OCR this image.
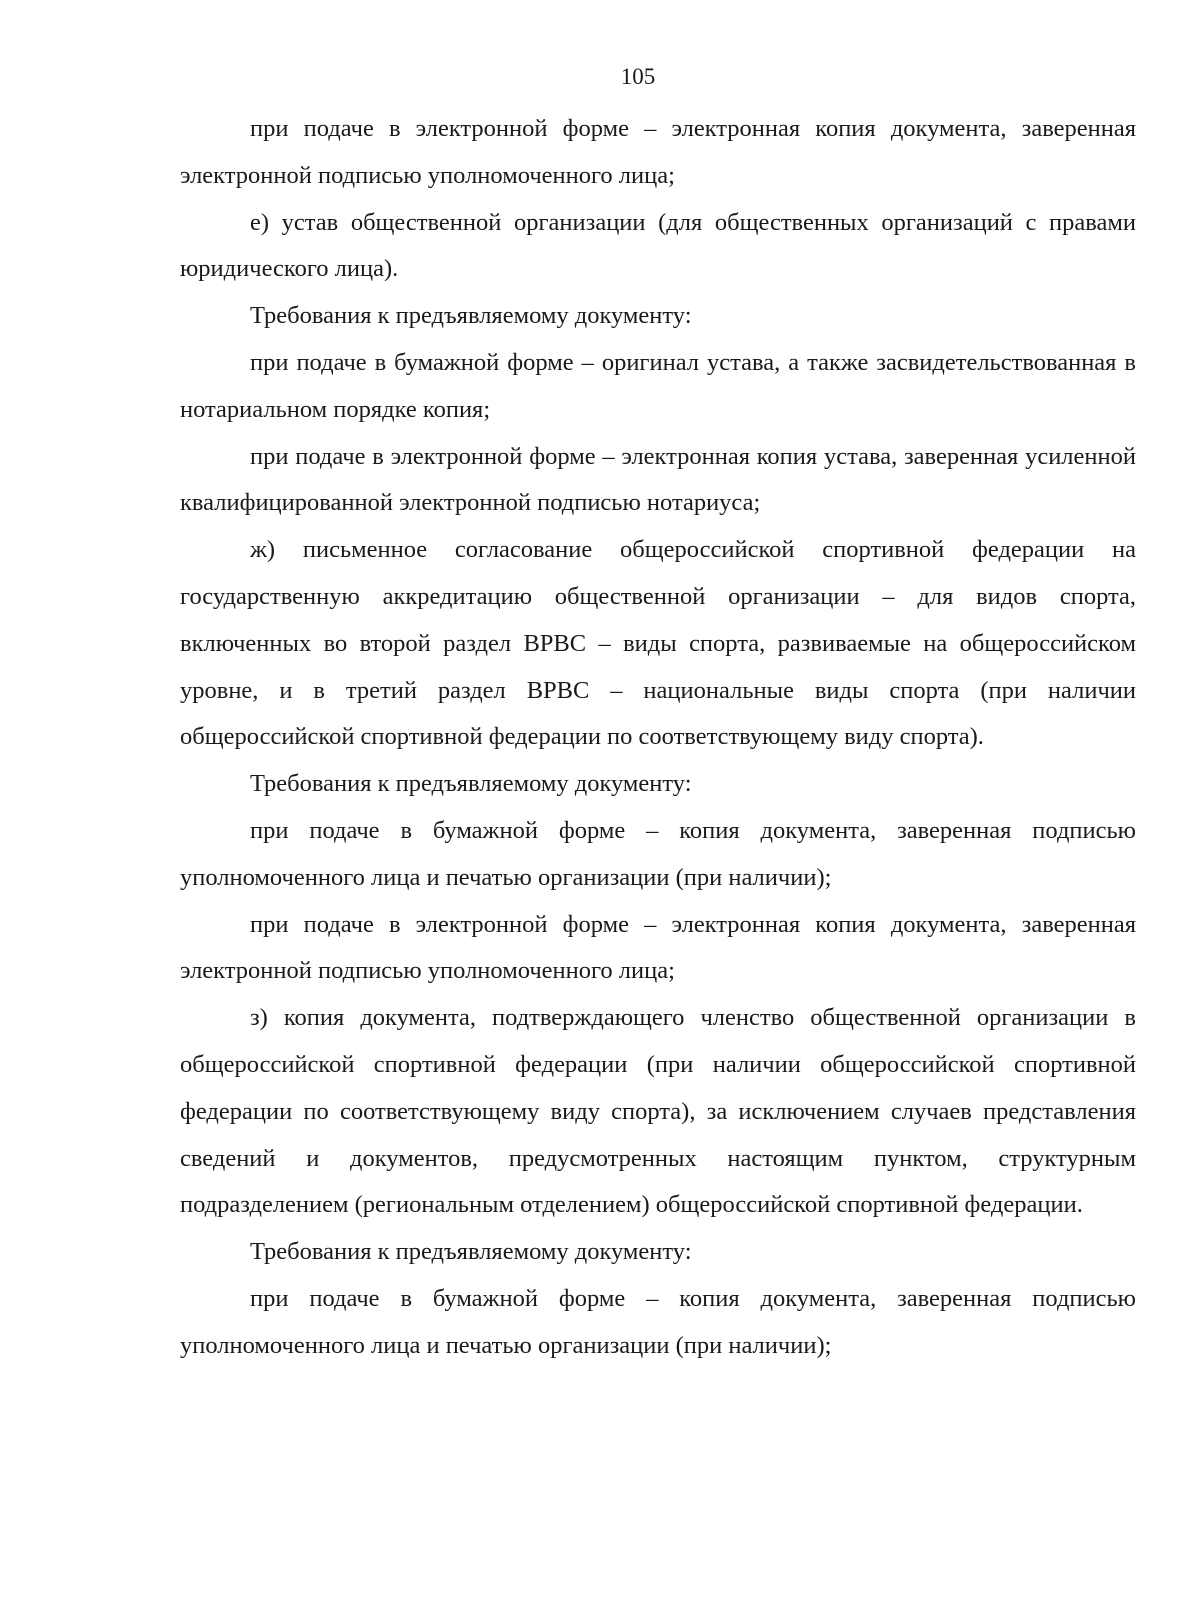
105

при подаче в электронной форме – электронная копия документа, заверенная электронной подписью уполномоченного лица;

е) устав общественной организации (для общественных организаций с правами юридического лица).

Требования к предъявляемому документу:

при подаче в бумажной форме – оригинал устава, а также засвидетельствованная в нотариальном порядке копия;

при подаче в электронной форме – электронная копия устава, заверенная усиленной квалифицированной электронной подписью нотариуса;

ж) письменное согласование общероссийской спортивной федерации на государственную аккредитацию общественной организации – для видов спорта, включенных во второй раздел ВРВС – виды спорта, развиваемые на общероссийском уровне, и в третий раздел ВРВС – национальные виды спорта (при наличии общероссийской спортивной федерации по соответствующему виду спорта).

Требования к предъявляемому документу:

при подаче в бумажной форме – копия документа, заверенная подписью уполномоченного лица и печатью организации (при наличии);

при подаче в электронной форме – электронная копия документа, заверенная электронной подписью уполномоченного лица;

з) копия документа, подтверждающего членство общественной организации в общероссийской спортивной федерации (при наличии общероссийской спортивной федерации по соответствующему виду спорта), за исключением случаев представления сведений и документов, предусмотренных настоящим пунктом, структурным подразделением (региональным отделением) общероссийской спортивной федерации.

Требования к предъявляемому документу:

при подаче в бумажной форме – копия документа, заверенная подписью уполномоченного лица и печатью организации (при наличии);
